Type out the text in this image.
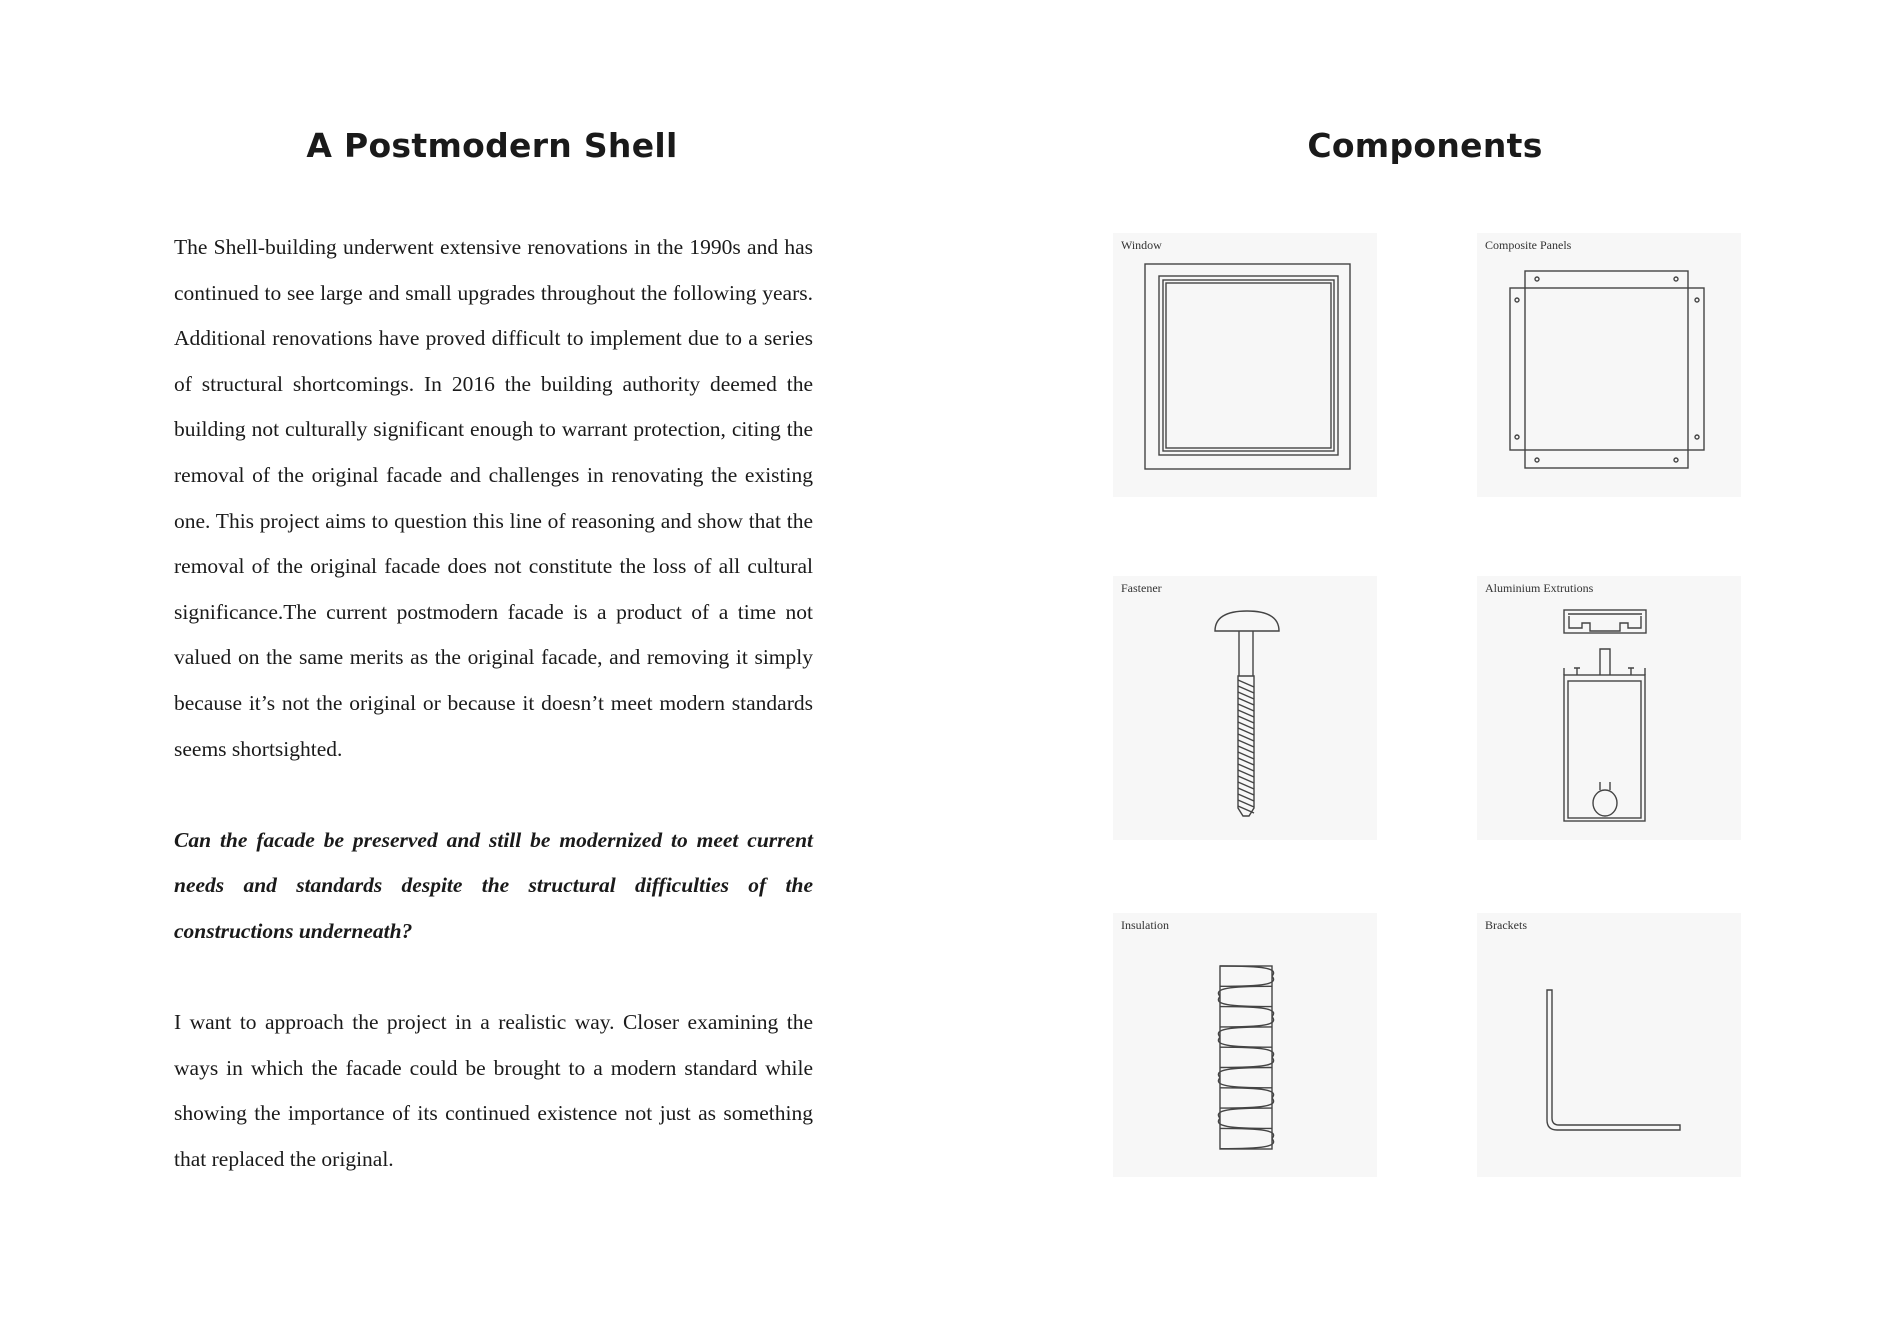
A Postmodern Shell

The Shell-building underwent extensive renovations in the 1990s and has continued to see large and small upgrades throughout the following years. Additional renovations have proved difficult to implement due to a series of structural shortcomings. In 2016 the building authority deemed the building not culturally significant enough to warrant protection, citing the removal of the original facade and challenges in renovating the existing one. This project aims to question this line of reasoning and show that the removal of the original facade does not constitute the loss of all cultural significance.The current postmodern facade is a product of a time not valued on the same merits as the original facade, and removing it simply because it’s not the original or because it doesn’t meet modern standards seems shortsighted.

Can the facade be preserved and still be modernized to meet current needs and standards despite the structural difficulties of the constructions underneath?

I want to approach the project in a realistic way. Closer examining the ways in which the facade could be brought to a modern standard while showing the importance of its continued existence not just as something that replaced the original.

Components
Window	Composite Panels
Fastener	Aluminium Extrutions
Insulation	Brackets
